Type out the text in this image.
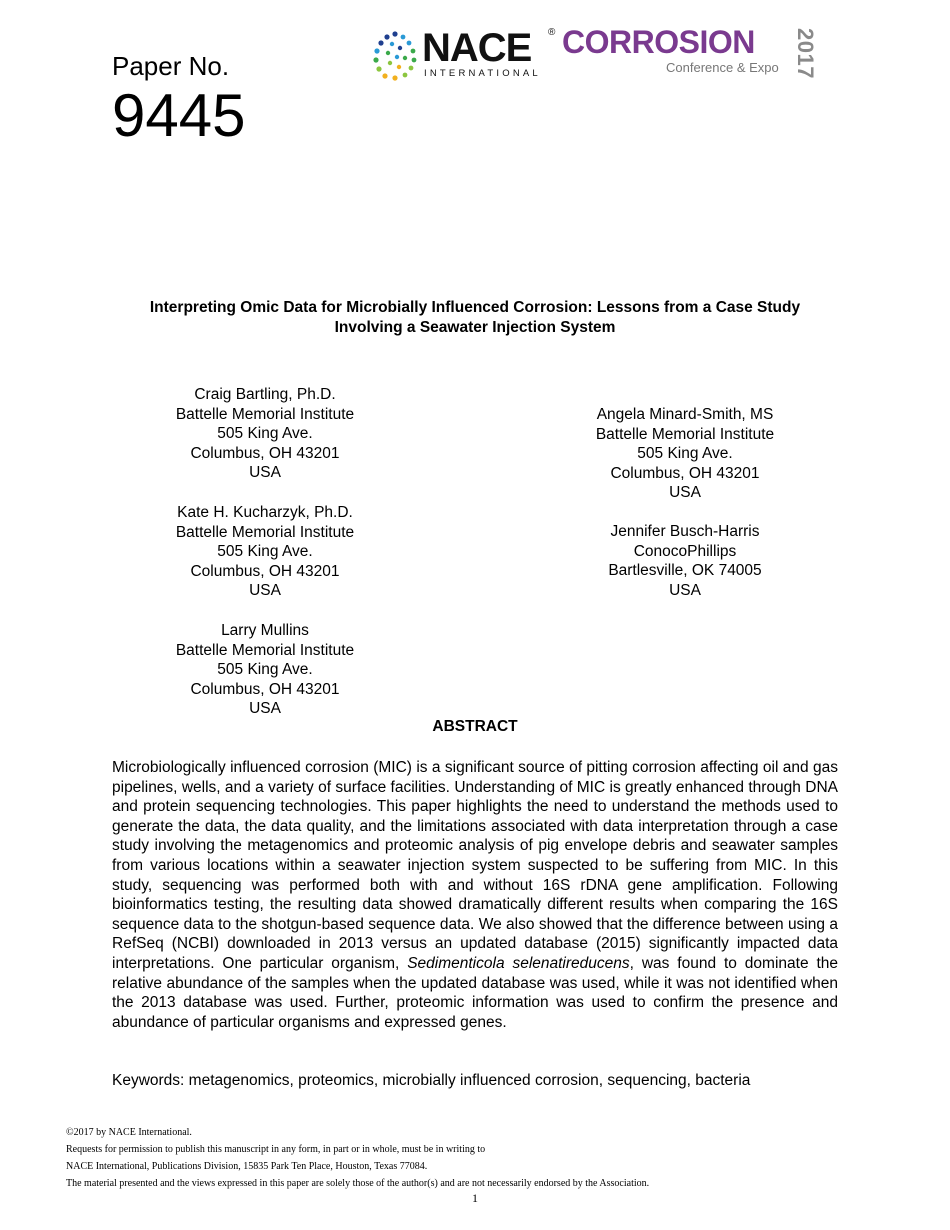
Paper No.
9445
NACE ®
INTERNATIONAL
CORROSION
Conference & Expo 2017
Interpreting Omic Data for Microbially Influenced Corrosion: Lessons from a Case Study
Involving a Seawater Injection System
Craig Bartling, Ph.D.
Battelle Memorial Institute
505 King Ave.
Columbus, OH 43201
USA
Angela Minard-Smith, MS
Battelle Memorial Institute
505 King Ave.
Columbus, OH 43201
USA
Kate H. Kucharzyk, Ph.D.
Battelle Memorial Institute
505 King Ave.
Columbus, OH 43201
USA
Jennifer Busch-Harris
ConocoPhillips
Bartlesville, OK 74005
USA
Larry Mullins
Battelle Memorial Institute
505 King Ave.
Columbus, OH 43201
USA
ABSTRACT
Microbiologically influenced corrosion (MIC) is a significant source of pitting corrosion affecting oil and gas pipelines, wells, and a variety of surface facilities. Understanding of MIC is greatly enhanced through DNA and protein sequencing technologies. This paper highlights the need to understand the methods used to generate the data, the data quality, and the limitations associated with data interpretation through a case study involving the metagenomics and proteomic analysis of pig envelope debris and seawater samples from various locations within a seawater injection system suspected to be suffering from MIC. In this study, sequencing was performed both with and without 16S rDNA gene amplification. Following bioinformatics testing, the resulting data showed dramatically different results when comparing the 16S sequence data to the shotgun-based sequence data. We also showed that the difference between using a RefSeq (NCBI) downloaded in 2013 versus an updated database (2015) significantly impacted data interpretations. One particular organism, Sedimenticola selenatireducens, was found to dominate the relative abundance of the samples when the updated database was used, while it was not identified when the 2013 database was used. Further, proteomic information was used to confirm the presence and abundance of particular organisms and expressed genes.
Keywords: metagenomics, proteomics, microbially influenced corrosion, sequencing, bacteria
©2017 by NACE International.
Requests for permission to publish this manuscript in any form, in part or in whole, must be in writing to
NACE International, Publications Division, 15835 Park Ten Place, Houston, Texas 77084.
The material presented and the views expressed in this paper are solely those of the author(s) and are not necessarily endorsed by the Association.
1
